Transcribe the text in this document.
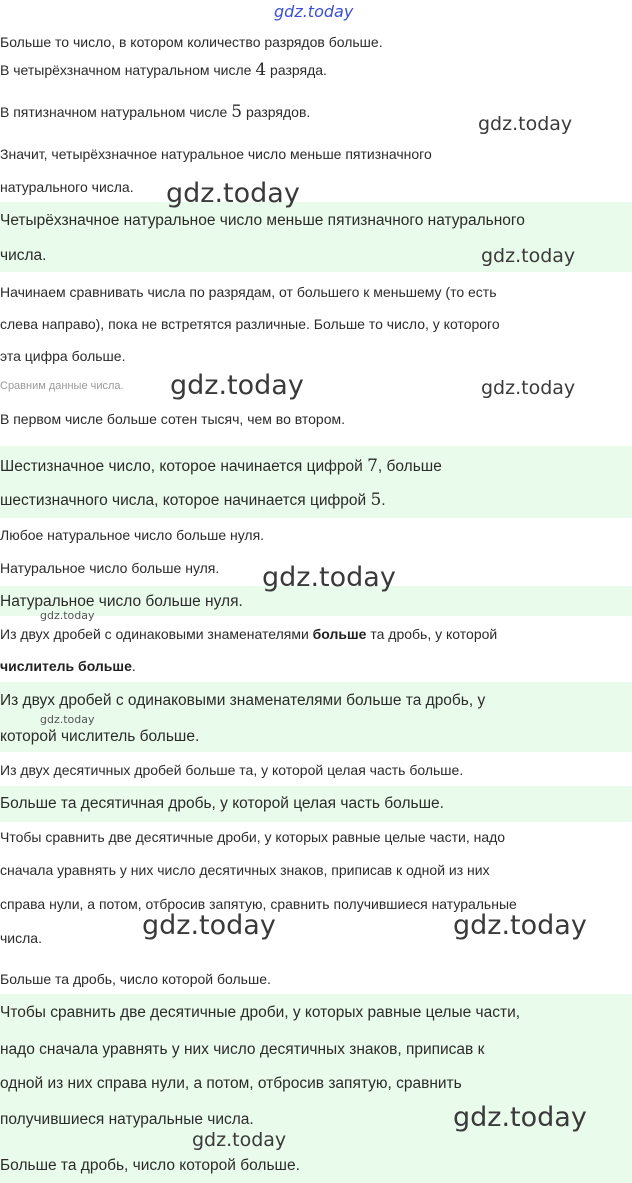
gdz.today
Больше то число, в котором количество разрядов больше.
В четырёхзначном натуральном числе 4 разряда.
В пятизначном натуральном числе 5 разрядов.
Значит, четырёхзначное натуральное число меньше пятизначного
натурального числа.
Четырёхзначное натуральное число меньше пятизначного натурального
числа.
Начинаем сравнивать числа по разрядам, от большего к меньшему (то есть
слева направо), пока не встретятся различные. Больше то число, у которого
эта цифра больше.
Сравним данные числа.
В первом числе больше сотен тысяч, чем во втором.
Шестизначное число, которое начинается цифрой 7, больше
шестизначного числа, которое начинается цифрой 5.
Любое натуральное число больше нуля.
Натуральное число больше нуля.
Натуральное число больше нуля.
Из двух дробей с одинаковыми знаменателями больше та дробь, у которой
числитель больше.
Из двух дробей с одинаковыми знаменателями больше та дробь, у
которой числитель больше.
Из двух десятичных дробей больше та, у которой целая часть больше.
Больше та десятичная дробь, у которой целая часть больше.
Чтобы сравнить две десятичные дроби, у которых равные целые части, надо
сначала уравнять у них число десятичных знаков, приписав к одной из них
справа нули, а потом, отбросив запятую, сравнить получившиеся натуральные
числа.
Больше та дробь, число которой больше.
Чтобы сравнить две десятичные дроби, у которых равные целые части,
надо сначала уравнять у них число десятичных знаков, приписав к
одной из них справа нули, а потом, отбросив запятую, сравнить
получившиеся натуральные числа.
Больше та дробь, число которой больше.
gdz.today
gdz.today
gdz.today
gdz.today	gdz.today
gdz.today
gdz.today
gdz.today
gdz.today	gdz.today
gdz.today
gdz.today
